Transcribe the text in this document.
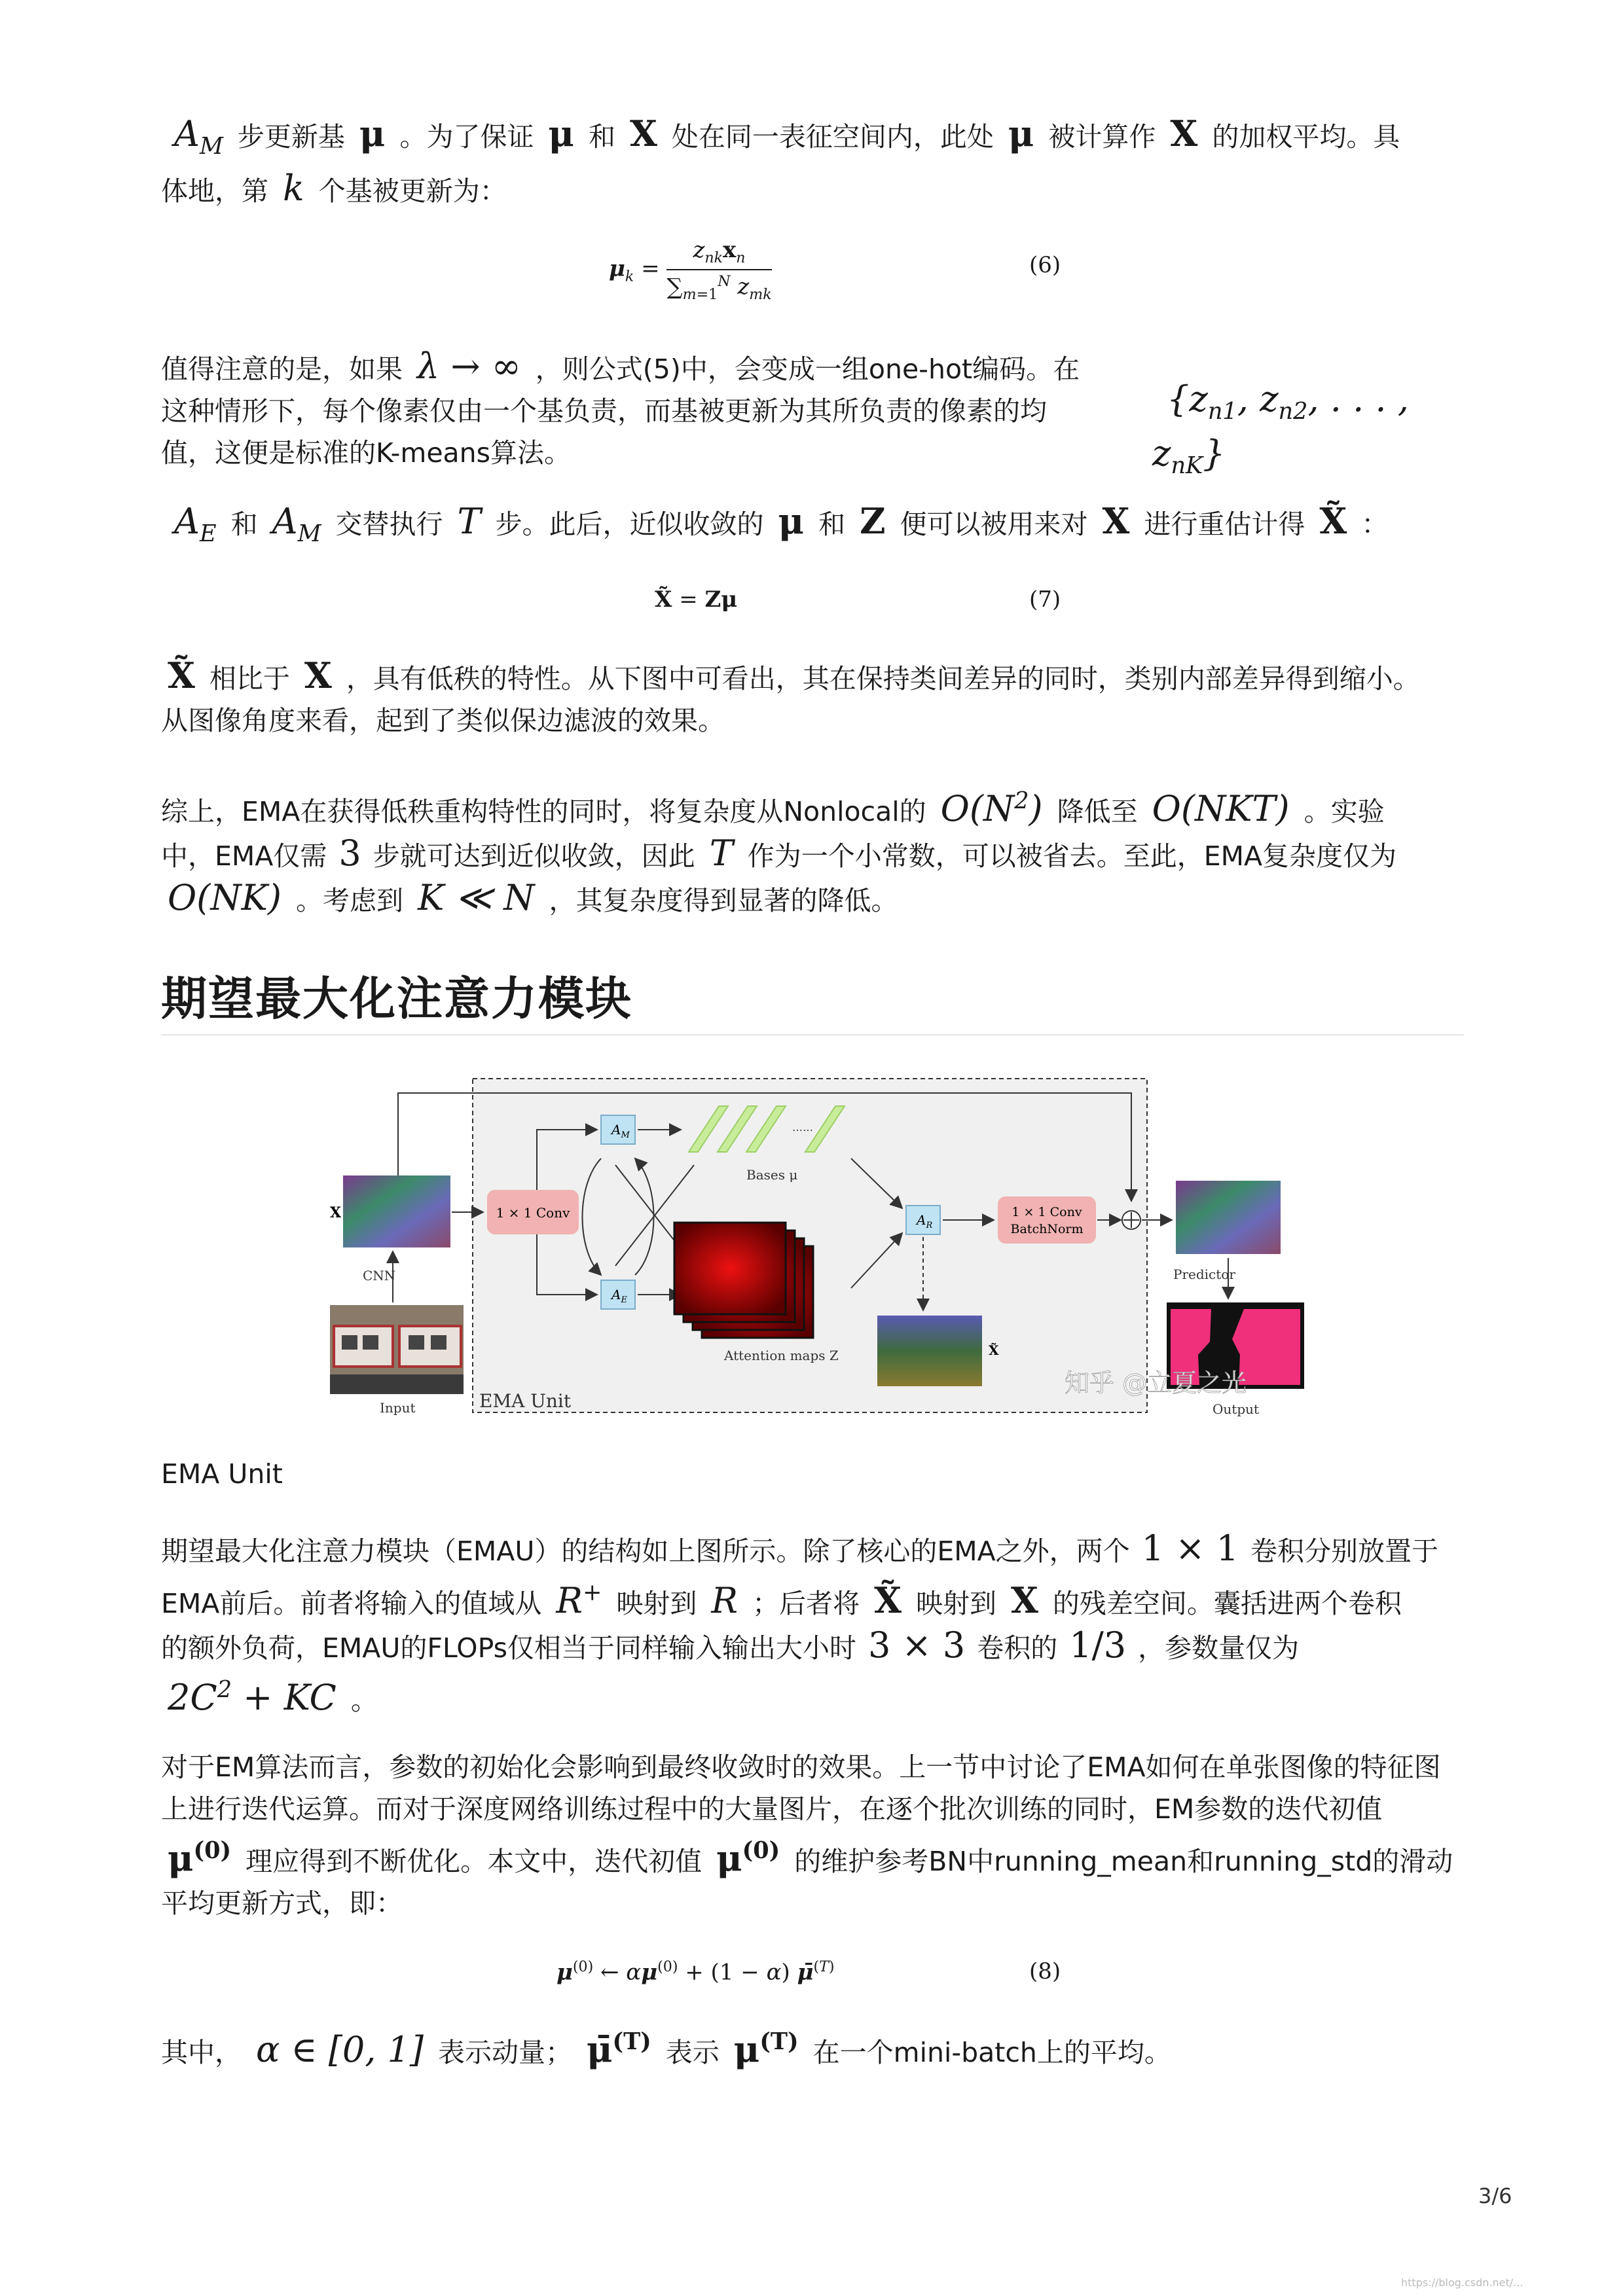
$A_M$ 步更新基 μ 。为了保证 μ 和 X 处在同一表征空间内，此处 μ 被计算作 X 的加权平均。具
体地，第 k 个基被更新为：
$\mu_k = \frac{z_{nk}x_n}{\sum_{m=1}^N z_{mk}}$	(6)
值得注意的是，如果 λ → ∞ ，则公式(5)中，会变成一组one-hot编码。在
这种情形下，每个像素仅由一个基负责，而基被更新为其所负责的像素的均
值，这便是标准的K-means算法。
{$z_{n1}$, $z_{n2}$, . . . , $z_{nK}$}
$A_E$ 和 $A_M$ 交替执行 T 步。此后，近似收敛的 μ 和 Z 便可以被用来对 X 进行重估计得 X̃ ：
X̃ = Zμ	(7)
X̃ 相比于 X ，具有低秩的特性。从下图中可看出，其在保持类间差异的同时，类别内部差异得到缩小。
从图像角度来看，起到了类似保边滤波的效果。
综上，EMA在获得低秩重构特性的同时，将复杂度从Nonlocal的 $O(N^2)$ 降低至 O(NKT) 。实验
中，EMA仅需 3 步就可达到近似收敛，因此 T 作为一个小常数，可以被省去。至此，EMA复杂度仅为
O(NK) 。考虑到 K ≪ N ，其复杂度得到显著的降低。
期望最大化注意力模块
EMA Unit
X
CNN
Input
1 × 1 Conv
$A_M$
$A_E$
……
Bases μ
Attention maps Z
$A_R$
1 × 1 Conv
BatchNorm
X̃
Predictor
Output
知乎 @立夏之光
EMA Unit
期望最大化注意力模块（EMAU）的结构如上图所示。除了核心的EMA之外，两个 1 × 1 卷积分别放置于
EMA前后。前者将输入的值域从 R+ 映射到 R ；后者将 X̃ 映射到 X 的残差空间。囊括进两个卷积
的额外负荷，EMAU的FLOPs仅相当于同样输入输出大小时 3 × 3 卷积的 1/3 ，参数量仅为
$2C^2$ + KC 。
对于EM算法而言，参数的初始化会影响到最终收敛时的效果。上一节中讨论了EMA如何在单张图像的特征图
上进行迭代运算。而对于深度网络训练过程中的大量图片，在逐个批次训练的同时，EM参数的迭代初值
$\mu^{(0)}$ 理应得到不断优化。本文中，迭代初值 $\mu^{(0)}$ 的维护参考BN中running_mean和running_std的滑动
平均更新方式，即：
$\mu^{(0)}$ ← $\alpha\mu^{(0)} + (1 - \alpha)$ μ̄$^{(T)}$	(8)
其中， α ∈ [0, 1] 表示动量； μ̄$^{(T)}$ 表示 $\mu^{(T)}$ 在一个mini-batch上的平均。
3/6
https://blog.csdn.net/...
